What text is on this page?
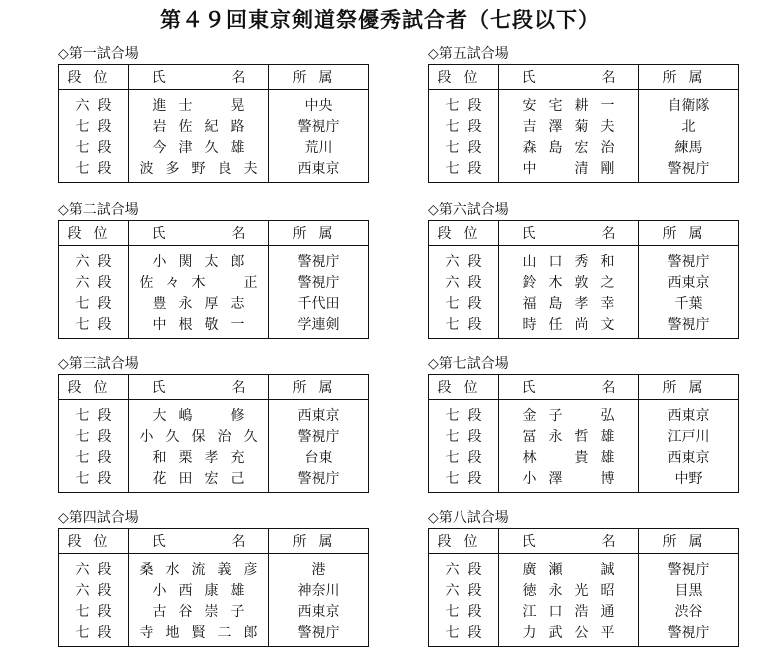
第４９回東京剣道祭優秀試合者（七段以下）
◇第一試合場
段位	氏 名	所属
六 段	進 士 晃	中央
七 段	岩 佐 紀 路	警視庁
七 段	今 津 久 雄	荒川
七 段	波 多 野 良 夫	西東京
◇第二試合場
段位	氏 名	所属
六 段	小 関 太 郎	警視庁
六 段	佐 々 木 正	警視庁
七 段	豊 永 厚 志	千代田
七 段	中 根 敬 一	学連剣
◇第三試合場
段位	氏 名	所属
七 段	大 嶋 修	西東京
七 段	小 久 保 治 久	警視庁
七 段	和 栗 孝 充	台東
七 段	花 田 宏 己	警視庁
◇第四試合場
段位	氏 名	所属
六 段	桑 水 流 義 彦	港
六 段	小 西 康 雄	神奈川
七 段	古 谷 崇 子	西東京
七 段	寺 地 賢 二 郎	警視庁
◇第五試合場
段位	氏 名	所属
七 段	安 宅 耕 一	自衛隊
七 段	吉 澤 菊 夫	北
七 段	森 島 宏 治	練馬
七 段	中 清 剛	警視庁
◇第六試合場
段位	氏 名	所属
六 段	山 口 秀 和	警視庁
六 段	鈴 木 敦 之	西東京
七 段	福 島 孝 幸	千葉
七 段	時 任 尚 文	警視庁
◇第七試合場
段位	氏 名	所属
七 段	金 子 弘	西東京
七 段	冨 永 哲 雄	江戸川
七 段	林 貴 雄	西東京
七 段	小 澤 博	中野
◇第八試合場
段位	氏 名	所属
六 段	廣 瀬 誠	警視庁
六 段	徳 永 光 昭	目黒
七 段	江 口 浩 通	渋谷
七 段	力 武 公 平	警視庁
